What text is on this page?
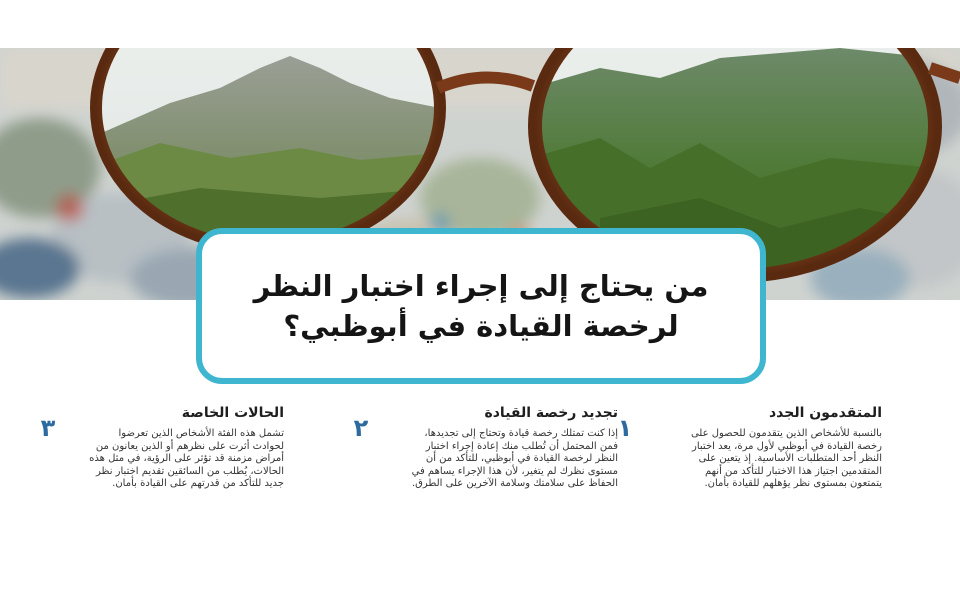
من يحتاج إلى إجراء اختبار النظر
لرخصة القيادة في أبوظبي؟
١
المتقدمون الجدد

بالنسبة للأشخاص الذين يتقدمون للحصول على
رخصة القيادة في أبوظبي لأول مرة، يعد اختبار
النظر أحد المتطلبات الأساسية. إذ يتعين على
المتقدمين اجتياز هذا الاختبار للتأكد من أنهم
يتمتعون بمستوى نظر يؤهلهم للقيادة بأمان.

٢
تجديد رخصة القيادة

إذا كنت تمتلك رخصة قيادة وتحتاج إلى تجديدها،
فمن المحتمل أن تُطلب منك إعادة إجراء اختبار
النظر لرخصة القيادة في أبوظبي، للتأكد من أن
مستوى نظرك لم يتغير، لأن هذا الإجراء يساهم في
الحفاظ على سلامتك وسلامة الآخرين على الطرق.

٣
الحالات الخاصة

تشمل هذه الفئة الأشخاص الذين تعرضوا
لحوادث أثرت على نظرهم أو الذين يعانون من
أمراض مزمنة قد تؤثر على الرؤية، في مثل هذه
الحالات، يُطلب من السائقين تقديم اختبار نظر
جديد للتأكد من قدرتهم على القيادة بأمان.
